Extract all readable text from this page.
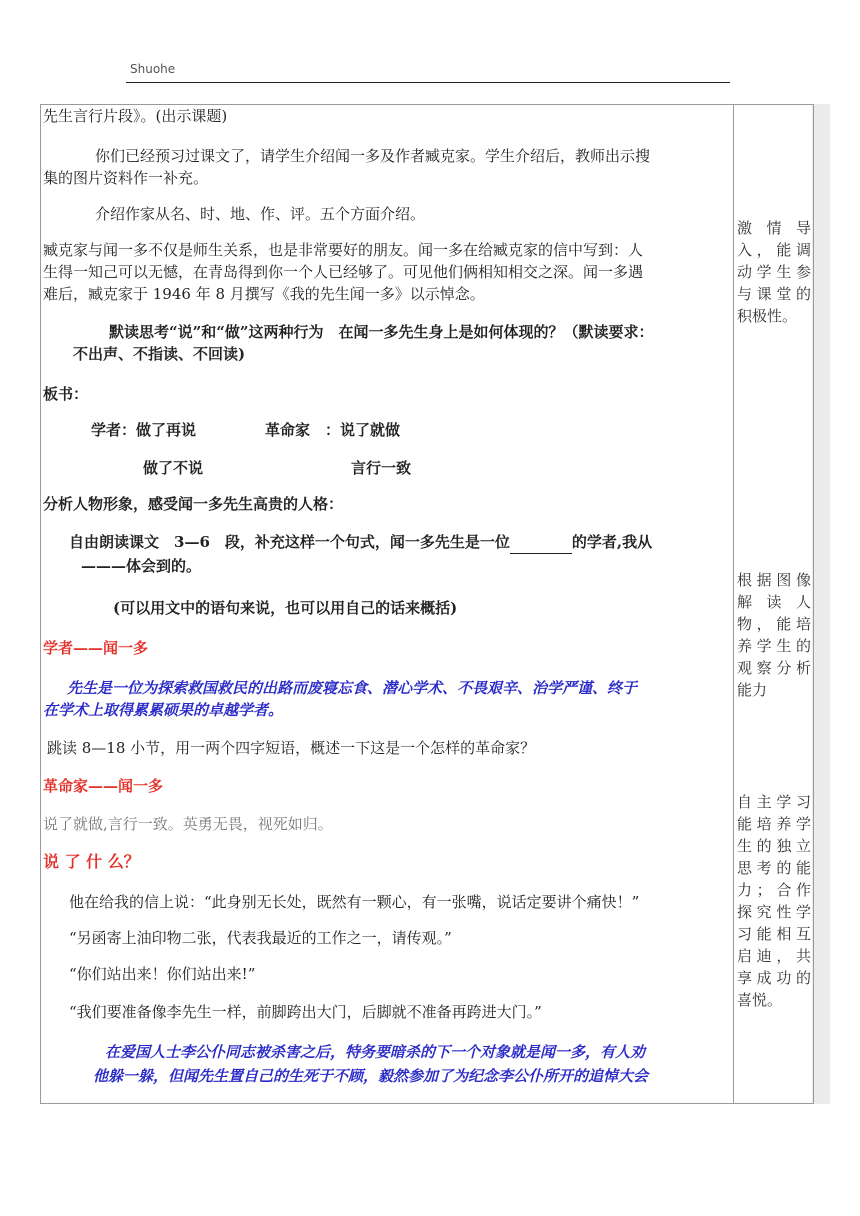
Shuohe

先生言行片段》。(出示课题)

你们已经预习过课文了，请学生介绍闻一多及作者臧克家。学生介绍后，教师出示搜

集的图片资料作一补充。

介绍作家从名、时、地、作、评。五个方面介绍。

臧克家与闻一多不仅是师生关系，也是非常要好的朋友。闻一多在给臧克家的信中写到：人

生得一知己可以无憾，在青岛得到你一个人已经够了。可见他们俩相知相交之深。闻一多遇

难后，臧克家于 1946 年 8 月撰写《我的先生闻一多》以示悼念。

默读思考“说”和“做”这两种行为　在闻一多先生身上是如何体现的？（默读要求：

不出声、不指读、不回读)

板书：

学者：做了再说	革命家　：说了就做

做了不说	言行一致

分析人物形象，感受闻一多先生高贵的人格：

自由朗读课文　3—6　段，补充这样一个句式，闻一多先生是一位	的学者,我从

———体会到的。

(可以用文中的语句来说，也可以用自己的话来概括)

学者——闻一多

先生是一位为探索救国救民的出路而废寝忘食、潜心学术、不畏艰辛、治学严谨、终于

在学术上取得累累硕果的卓越学者。

跳读 8—18 小节，用一两个四字短语，概述一下这是一个怎样的革命家？

革命家——闻一多

说了就做,言行一致。英勇无畏，视死如归。

说 了 什 么？

他在给我的信上说：“此身别无长处，既然有一颗心，有一张嘴，说话定要讲个痛快！”

“另函寄上油印物二张，代表我最近的工作之一，请传观。”

“你们站出来！你们站出来!”

“我们要准备像李先生一样，前脚跨出大门，后脚就不准备再跨进大门。”

在爱国人士李公仆同志被杀害之后，特务要暗杀的下一个对象就是闻一多，有人劝

他躲一躲，但闻先生置自己的生死于不顾，毅然参加了为纪念李公仆所开的追悼大会

激情导入，能调动学生参与课堂的积极性。
根据图像解读人物，能培养学生的观察分析能力
自主学习能培养学生的独立思考的能力；合作探究性学习能相互启迪，共享成功的喜悦。
